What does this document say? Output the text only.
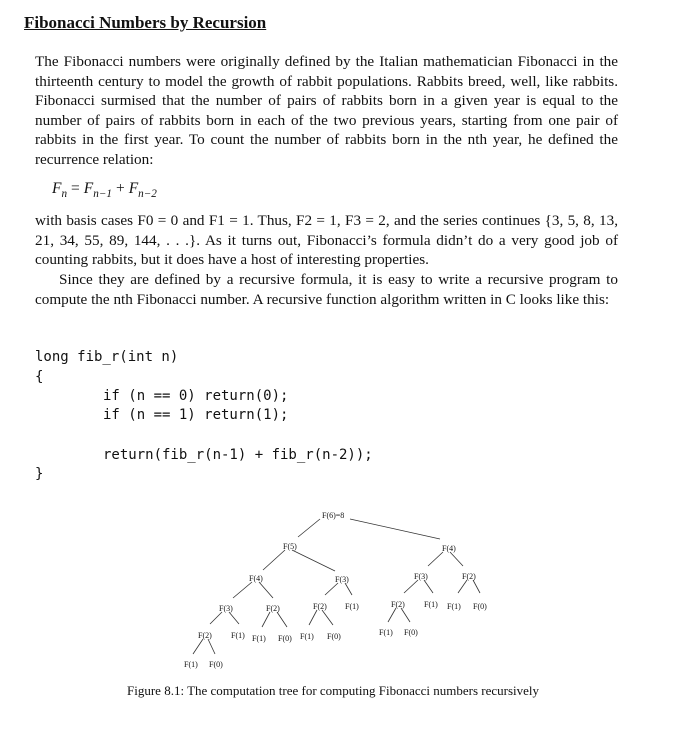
Fibonacci Numbers by Recursion

The Fibonacci numbers were originally defined by the Italian mathematician Fibonacci in the thirteenth century to model the growth of rabbit populations. Rabbits breed, well, like rabbits. Fibonacci surmised that the number of pairs of rabbits born in a given year is equal to the number of pairs of rabbits born in each of the two previous years, starting from one pair of rabbits in the first year. To count the number of rabbits born in the nth year, he defined the recurrence relation:

$F_n = F_{n-1} + F_{n-2}$

with basis cases F0 = 0 and F1 = 1. Thus, F2 = 1, F3 = 2, and the series continues {3, 5, 8, 13, 21, 34, 55, 89, 144, . . .}. As it turns out, Fibonacci’s formula didn’t do a very good job of counting rabbits, but it does have a host of interesting properties.

Since they are defined by a recursive formula, it is easy to write a recursive program to compute the nth Fibonacci number. A recursive function algorithm written in C looks like this:

long fib_r(int n)
{
if (n == 0) return(0);
if (n == 1) return(1);
return(fib_r(n-1) + fib_r(n-2));
}
F(6)=8
F(5)	F(4)
F(4)	F(3)	F(3)	F(2)
F(3)	F(2)	F(2) F(1)	F(2) F(1) F(1) F(0)
F(2) F(1) F(1) F(0) F(1) F(0)	F(1) F(0)
F(1) F(0)
Figure 8.1: The computation tree for computing Fibonacci numbers recursively
